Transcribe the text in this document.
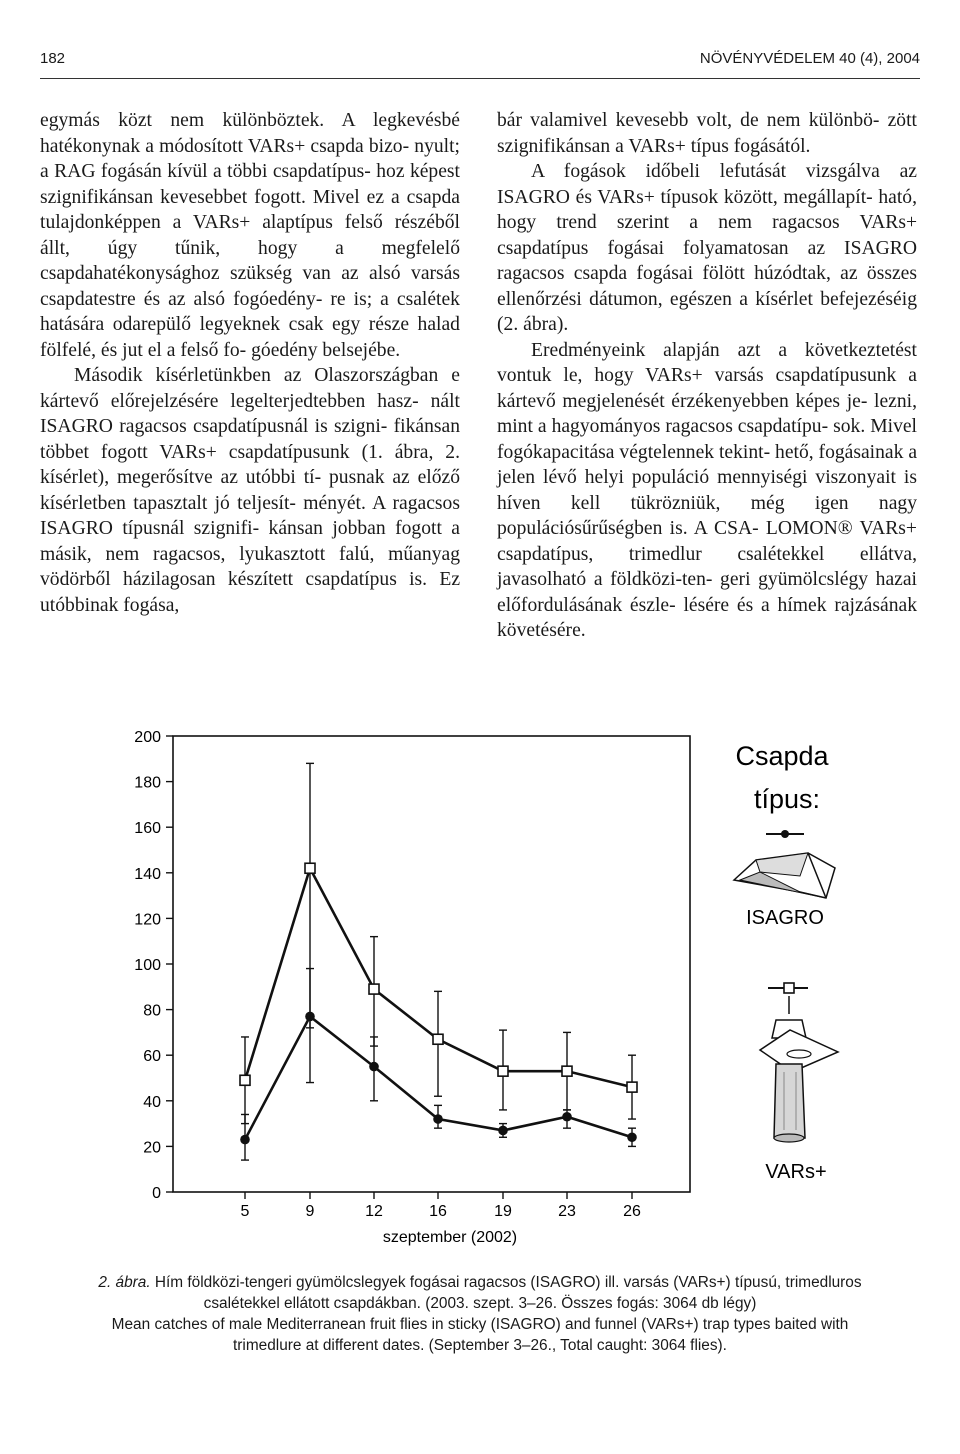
182	NÖVÉNYVÉDELEM 40 (4), 2004

egymás közt nem különböztek. A legkevésbé hatékonynak a módosított VARs+ csapda bizo- nyult; a RAG fogásán kívül a többi csapdatípus- hoz képest szignifikánsan kevesebbet fogott. Mivel ez a csapda tulajdonképpen a VARs+ alaptípus felső részéből állt, úgy tűnik, hogy a megfelelő csapdahatékonysághoz szükség van az alsó varsás csapdatestre és az alsó fogóedény- re is; a csalétek hatására odarepülő legyeknek csak egy része halad fölfelé, és jut el a felső fo- góedény belsejébe.

Második kísérletünkben az Olaszországban e kártevő előrejelzésére legelterjedtebben hasz- nált ISAGRO ragacsos csapdatípusnál is szigni- fikánsan többet fogott VARs+ csapdatípusunk (1. ábra, 2. kísérlet), megerősítve az utóbbi tí- pusnak az előző kísérletben tapasztalt jó teljesít- ményét. A ragacsos ISAGRO típusnál szignifi- kánsan jobban fogott a másik, nem ragacsos, lyukasztott falú, műanyag vödörből házilagosan készített csapdatípus is. Ez utóbbinak fogása,

bár valamivel kevesebb volt, de nem különbö- zött szignifikánsan a VARs+ típus fogásától.

A fogások időbeli lefutását vizsgálva az ISAGRO és VARs+ típusok között, megállapít- ható, hogy trend szerint a nem ragacsos VARs+ csapdatípus fogásai folyamatosan az ISAGRO ragacsos csapda fogásai fölött húzódtak, az összes ellenőrzési dátumon, egészen a kísérlet befejezéséig (2. ábra).

Eredményeink alapján azt a következtetést vontuk le, hogy VARs+ varsás csapdatípusunk a kártevő megjelenését érzékenyebben képes je- lezni, mint a hagyományos ragacsos csapdatípu- sok. Mivel fogókapacitása végtelennek tekint- hető, fogásainak a jelen lévő helyi populáció mennyiségi viszonyait is híven kell tükrözniük, még igen nagy populációsűrűségben is. A CSA- LOMON® VARs+ csapdatípus, trimedlur csalétekkel ellátva, javasolható a földközi-ten- geri gyümölcslégy hazai előfordulásának észle- lésére és a hímek rajzásának követésére.

0
20
40
60
80
100
120
140
160
180
200
5	9	12	16	19	23	26
szeptember (2002)
Csapda
típus:
ISAGRO
VARs+
2. ábra. Hím földközi-tengeri gyümölcslegyek fogásai ragacsos (ISAGRO) ill. varsás (VARs+) típusú, trimedluros
csalétekkel ellátott csapdákban. (2003. szept. 3–26. Összes fogás: 3064 db légy)
Mean catches of male Mediterranean fruit flies in sticky (ISAGRO) and funnel (VARs+) trap types baited with
trimedlure at different dates. (September 3–26., Total caught: 3064 flies).
